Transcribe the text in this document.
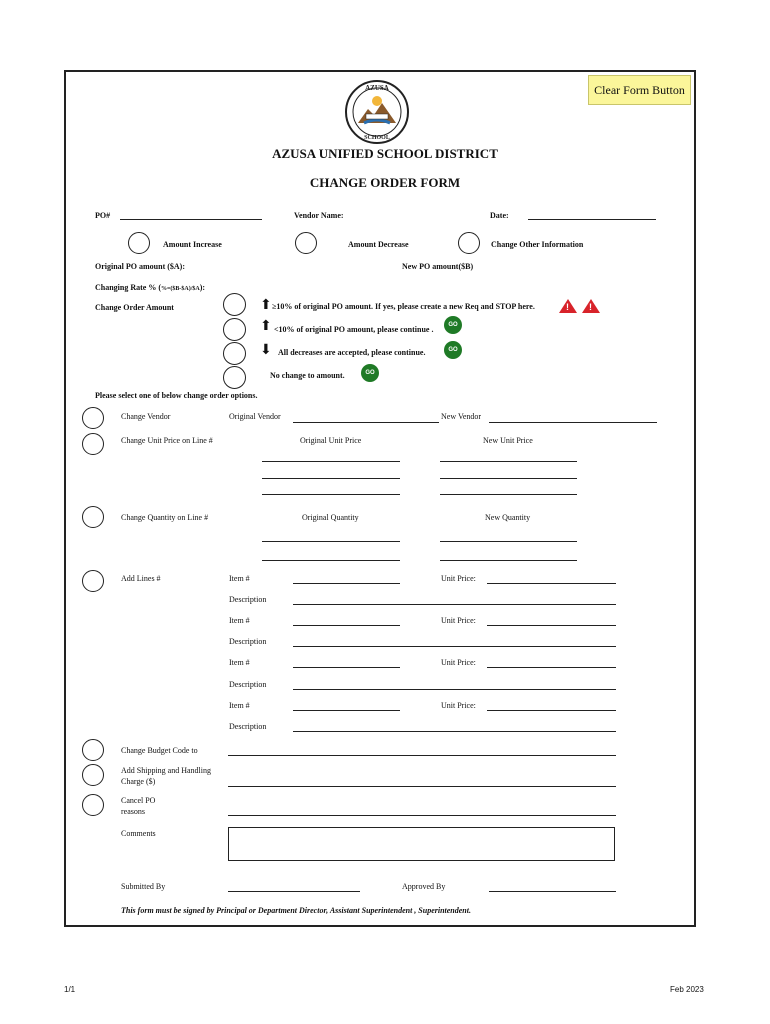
Clear Form Button
AZUSA
SCHOOL
AZUSA UNIFIED SCHOOL DISTRICT
CHANGE ORDER FORM
PO#	Vendor Name:	Date:
Amount Increase	Amount Decrease	Change Other Information
Original PO amount ($A):	New PO amount($B)
Changing Rate % (%=($B-$A)/$A):
Change Order Amount	⬆ ≥10% of original PO amount. If yes, please create a new Req and STOP here.	! !
⬆ <10% of original PO amount, please continue .	GO
⬇ All decreases are accepted, please continue.	GO
No change to amount.	GO
Please select one of below change order options.
Change Vendor	Original Vendor	New Vendor
Change Unit Price on Line #	Original Unit Price	New Unit Price
Change Quantity on Line #	Original Quantity	New Quantity
Add Lines #	Item #	Unit Price:
Description
Item #	Unit Price:
Description
Item #	Unit Price:
Description
Item #	Unit Price:
Description
Change Budget Code to
Add Shipping and Handling
Charge ($)
Cancel PO
reasons
Comments
Submitted By	Approved By
This form must be signed by Principal or Department Director, Assistant Superintendent , Superintendent.
1/1	Feb 2023
